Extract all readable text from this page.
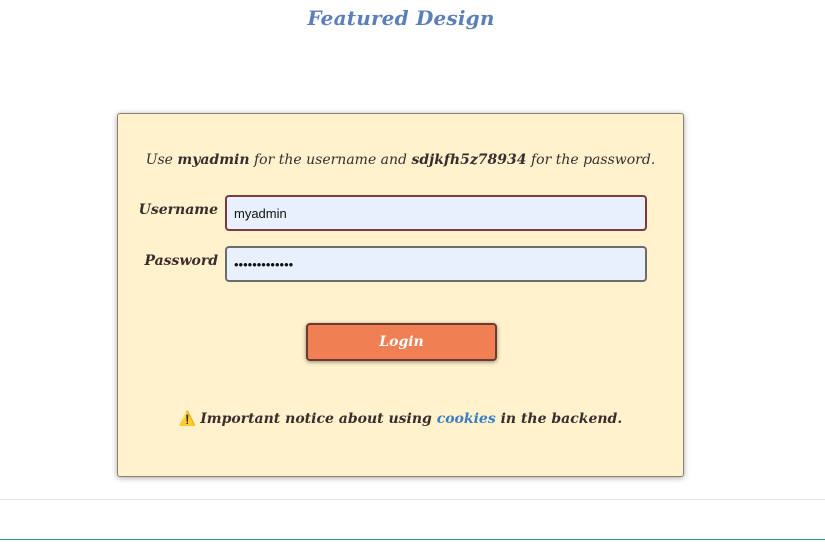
Featured Design
Use myadmin for the username and sdjkfh5z78934 for the password.
Username
myadmin
Password
Login
⚠️ Important notice about using cookies in the backend.
